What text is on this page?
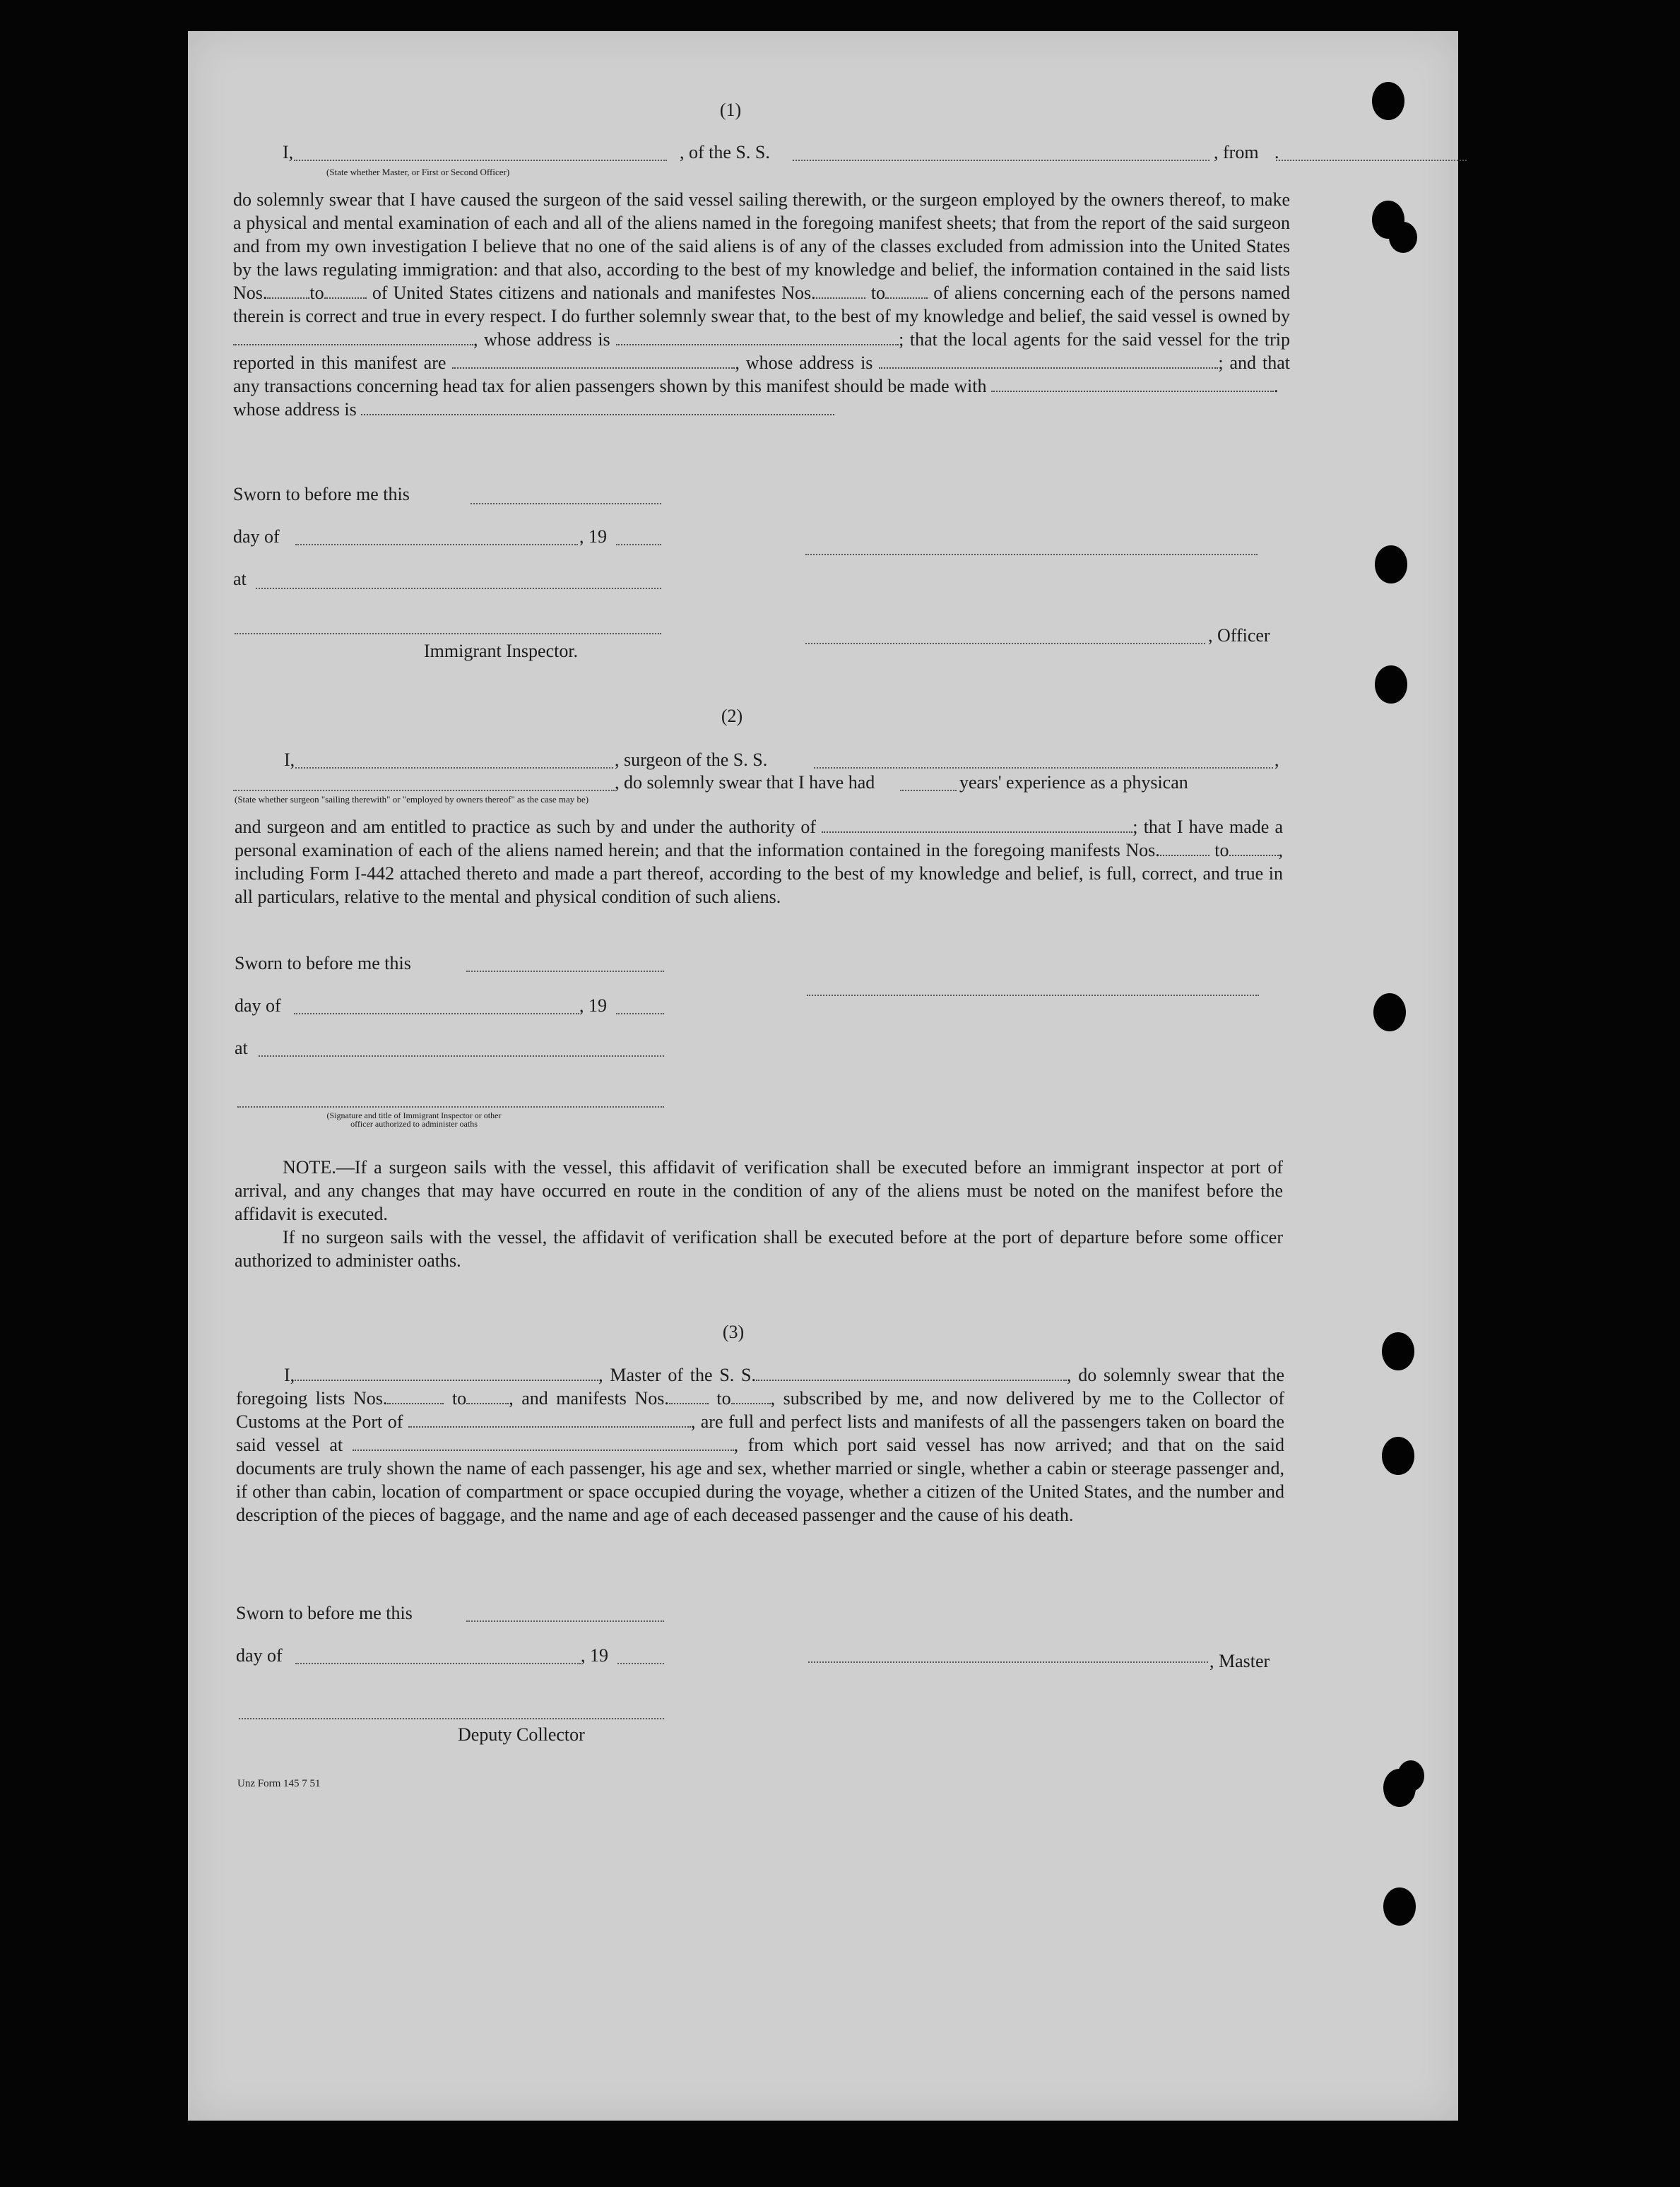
(1)
I,	, of the S. S.	, from .
(State whether Master, or First or Second Officer)

do solemnly swear that I have caused the surgeon of the said vessel sailing therewith, or the surgeon employed by the owners thereof, to make a physical and mental examination of each and all of the aliens named in the foregoing manifest sheets; that from the report of the said surgeon and from my own investigation I believe that no one of the said aliens is of any of the classes excluded from admission into the United States by the laws regulating immigration: and that also, according to the best of my knowledge and belief, the information contained in the said lists Nos. to	of United States citizens and nationals and manifestes Nos.	to	of aliens concerning each of the persons named therein is correct and true in every respect. I do further solemnly swear that, to the best of my knowledge and belief, the said vessel is owned by , whose address is	; that the local agents for the said vessel for the trip reported in this manifest are	, whose address is	; and that any transactions concerning head tax for alien passengers shown by this manifest should be made with	.

whose address is

Sworn to before me this
day of	, 19
at
Immigrant Inspector.
, Officer
(2)
I,	, surgeon of the S. S.	,
, do solemnly swear that I have had	years' experience as a physican
(State whether surgeon "sailing therewith" or "employed by owners thereof" as the case may be)

and surgeon and am entitled to practice as such by and under the authority of	; that I have made a personal examination of each of the aliens named herein; and that the information contained in the foregoing manifests Nos.	to	, including Form I-442 attached thereto and made a part thereof, according to the best of my knowledge and belief, is full, correct, and true in all particulars, relative to the mental and physical condition of such aliens.

Sworn to before me this
day of	, 19
at
(Signature and title of Immigrant Inspector or other
officer authorized to administer oaths

NOTE.—If a surgeon sails with the vessel, this affidavit of verification shall be executed before an immigrant inspector at port of arrival, and any changes that may have occurred en route in the condition of any of the aliens must be noted on the manifest before the affidavit is executed.

If no surgeon sails with the vessel, the affidavit of verification shall be executed before at the port of departure before some officer authorized to administer oaths.

(3)

I,	, Master of the S. S.	, do solemnly swear that the foregoing lists Nos.	to , and manifests Nos.	to , subscribed by me, and now delivered by me to the Collector of Customs at the Port of	, are full and perfect lists and manifests of all the passengers taken on board the said vessel at	, from which port said vessel has now arrived; and that on the said documents are truly shown the name of each passenger, his age and sex, whether married or single, whether a cabin or steerage passenger and, if other than cabin, location of compartment or space occupied during the voyage, whether a citizen of the United States, and the number and description of the pieces of baggage, and the name and age of each deceased passenger and the cause of his death.

Sworn to before me this
day of	, 19	, Master
Deputy Collector
Unz Form 145 7 51
